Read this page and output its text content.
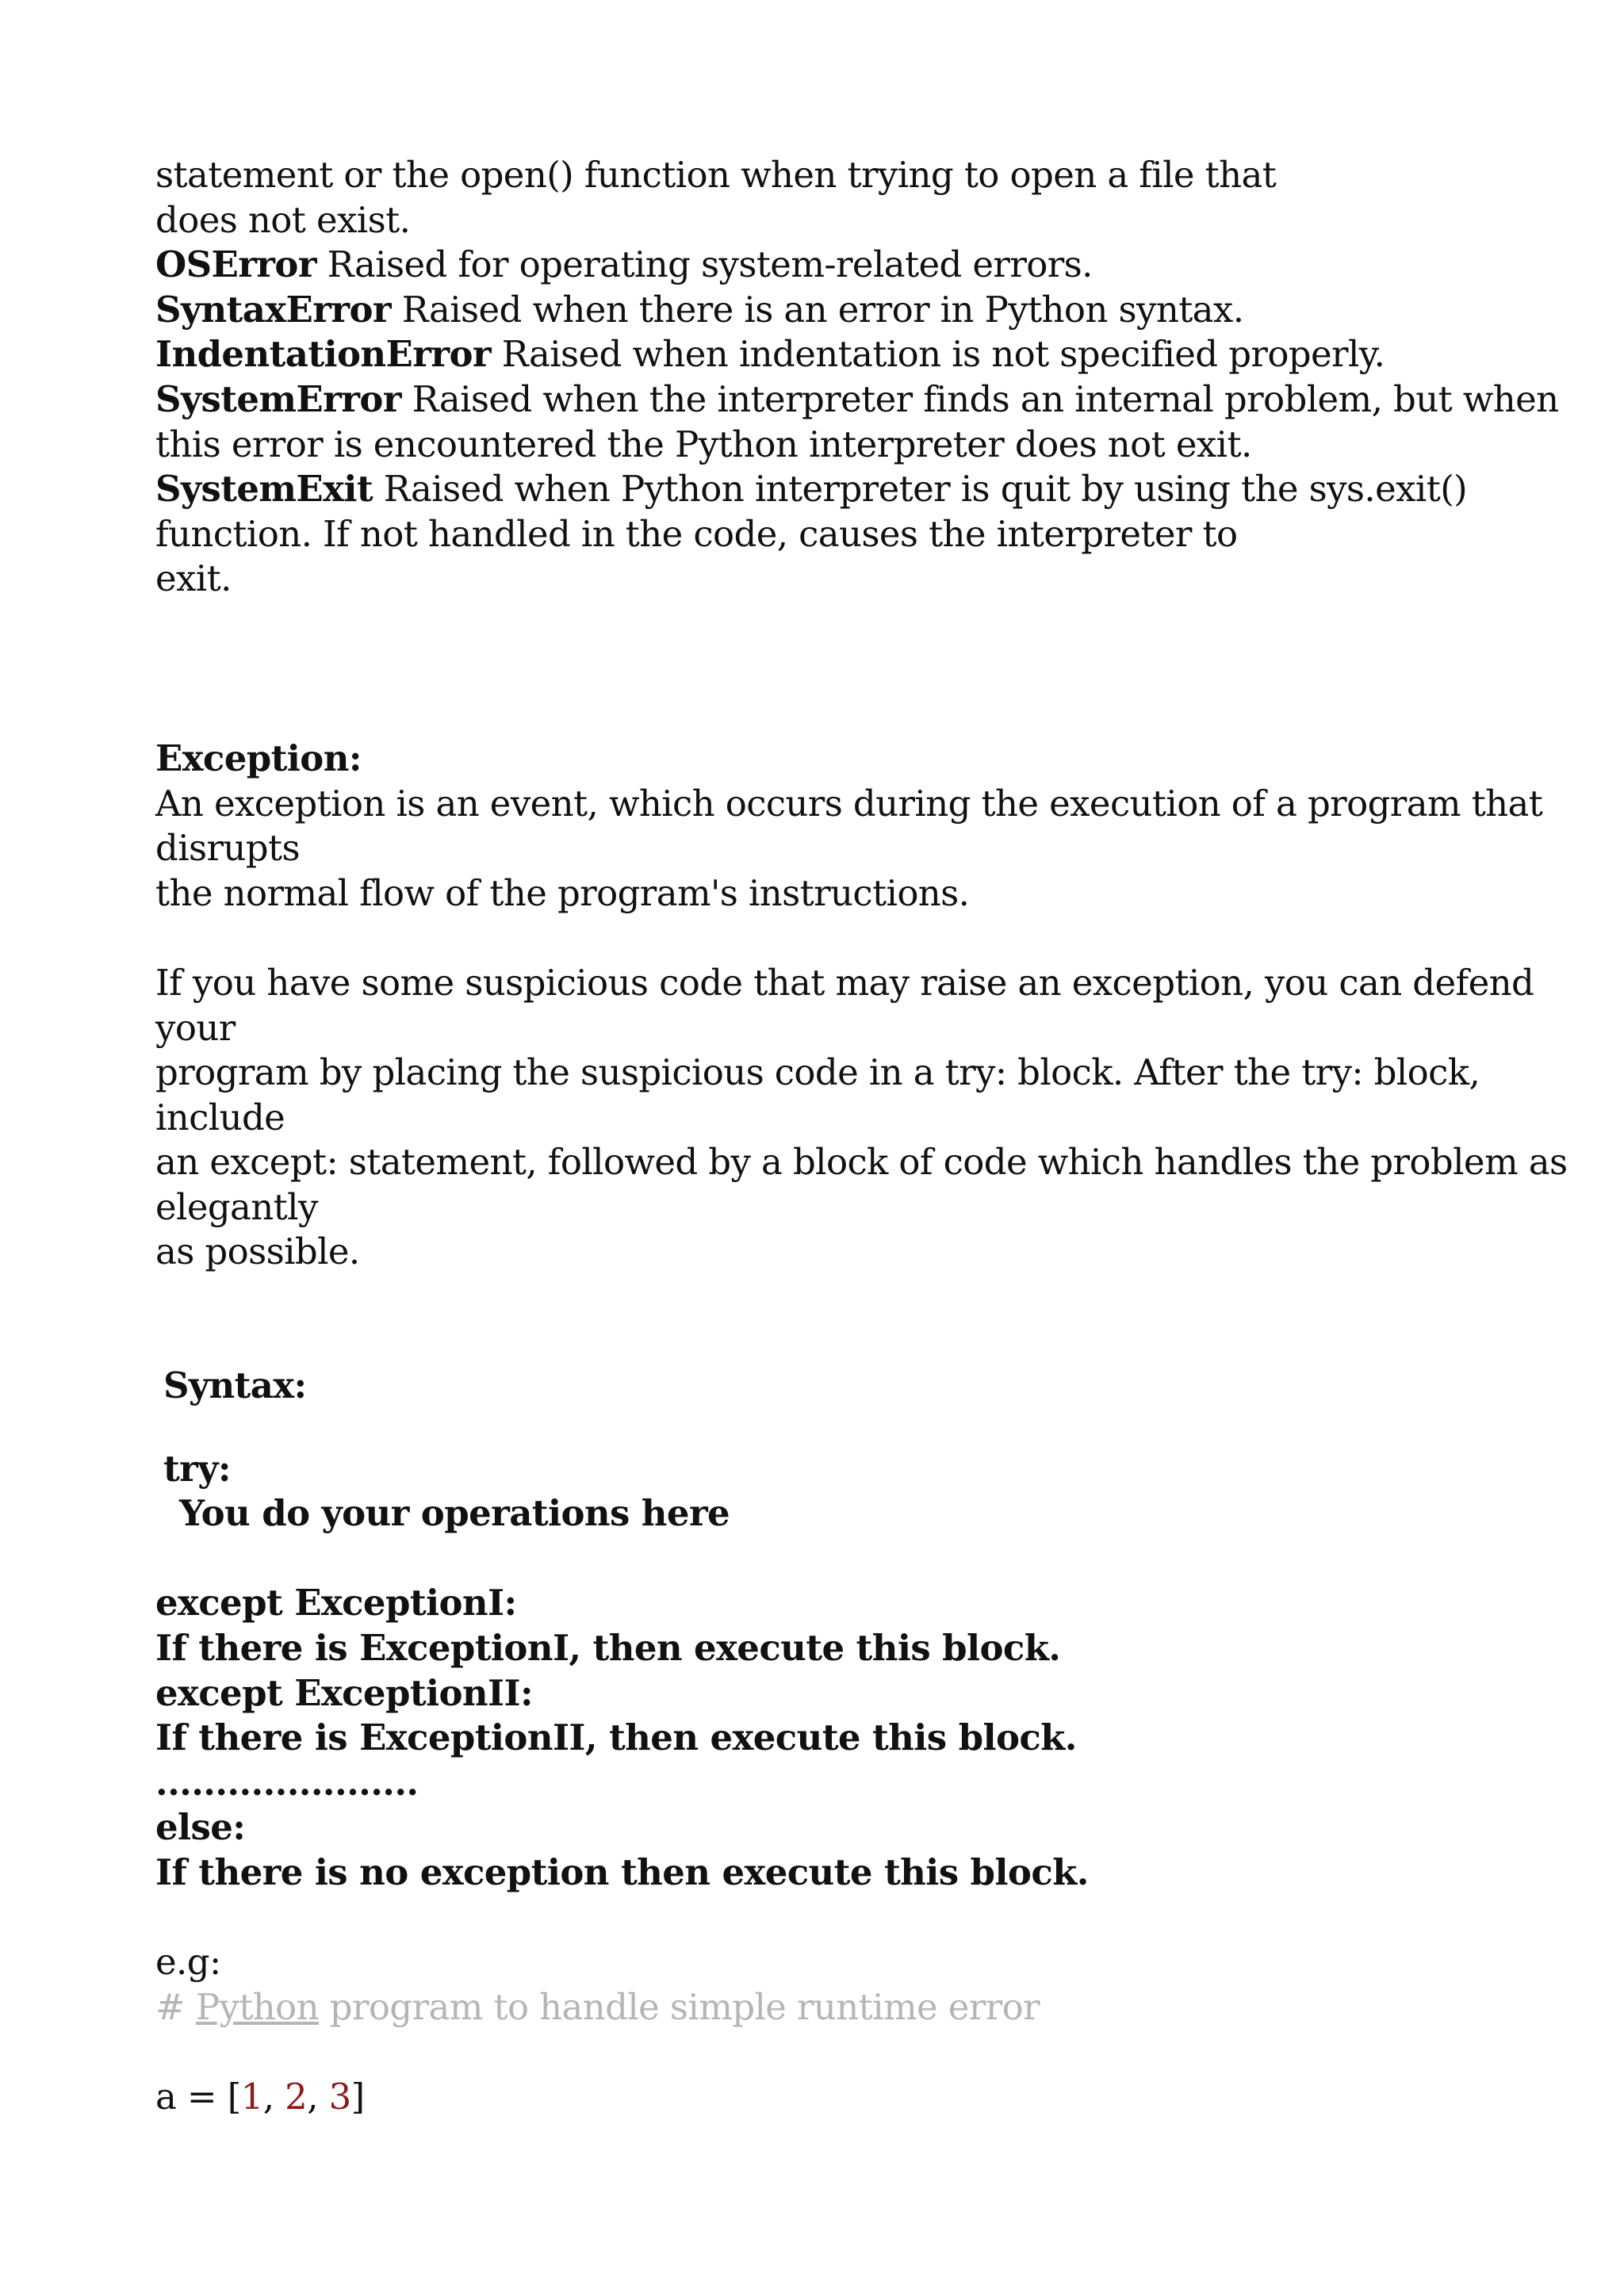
statement or the open() function when trying to open a file that
does not exist.
OSError Raised for operating system-related errors.
SyntaxError Raised when there is an error in Python syntax.
IndentationError Raised when indentation is not specified properly.
SystemError Raised when the interpreter finds an internal problem, but when
this error is encountered the Python interpreter does not exit.
SystemExit Raised when Python interpreter is quit by using the sys.exit()
function. If not handled in the code, causes the interpreter to
exit.
Exception:
An exception is an event, which occurs during the execution of a program that
disrupts
the normal flow of the program's instructions.
If you have some suspicious code that may raise an exception, you can defend
your
program by placing the suspicious code in a try: block. After the try: block,
include
an except: statement, followed by a block of code which handles the problem as
elegantly
as possible.
Syntax:
try:
You do your operations here
except ExceptionI:
If there is ExceptionI, then execute this block.
except ExceptionII:
If there is ExceptionII, then execute this block.
......................
else:
If there is no exception then execute this block.
e.g:
# Python program to handle simple runtime error
a = [1, 2, 3]
